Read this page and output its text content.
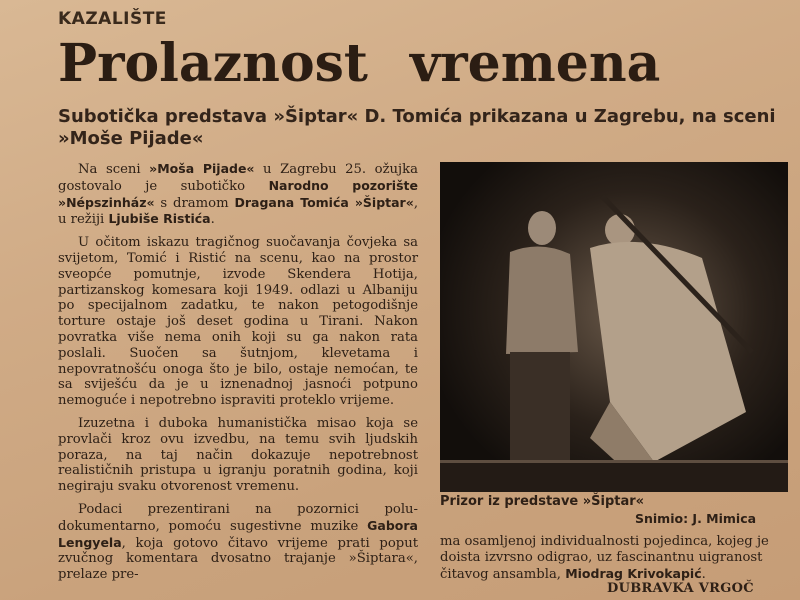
KAZALIŠTE
Prolaznost vremena
Subotička predstava »Šiptar« D. Tomića prikazana u Zagrebu, na sceni »Moše Pijade«

Na sceni »Moša Pijade« u Zagrebu 25. ožujka gostovalo je subotičko Narodno pozorište »Népszinház« s dramom Dragana Tomića »Šiptar«, u režiji Ljubiše Ristića.

U očitom iskazu tragičnog suočavanja čovjeka sa svijetom, Tomić i Ristić na scenu, kao na prostor sveopće pomutnje, izvode Skendera Hotija, partizanskog komesara koji 1949. odlazi u Albaniju po specijalnom zadatku, te nakon petogodišnje torture ostaje još deset godina u Tirani. Nakon povratka više nema onih koji su ga nakon rata poslali. Suočen sa šutnjom, klevetama i nepovratnošću onoga što je bilo, ostaje nemoćan, te sa sviješću da je u iznenadnoj jasnoći potpuno nemoguće i nepotrebno ispraviti proteklo vrijeme.

Izuzetna i duboka humanistička misao koja se provlači kroz ovu izvedbu, na temu svih ljudskih poraza, na taj način dokazuje nepotrebnost realističnih pristupa u igranju poratnih godina, koji negiraju svaku otvorenost vremenu.

Podaci prezentirani na pozornici polu-dokumentarno, pomoću sugestivne muzike Gabora Lengyela, koja gotovo čitavo vrijeme prati poput zvučnog komentara dvosatno trajanje »Šiptara«, prelaze pre-

Prizor iz predstave »Šiptar«
Snimio: J. Mimica
ma osamljenoj individualnosti pojedinca, kojeg je doista izvrsno odigrao, uz fascinantnu uigranost čitavog ansambla, Miodrag Krivokapić.
DUBRAVKA VRGOČ
